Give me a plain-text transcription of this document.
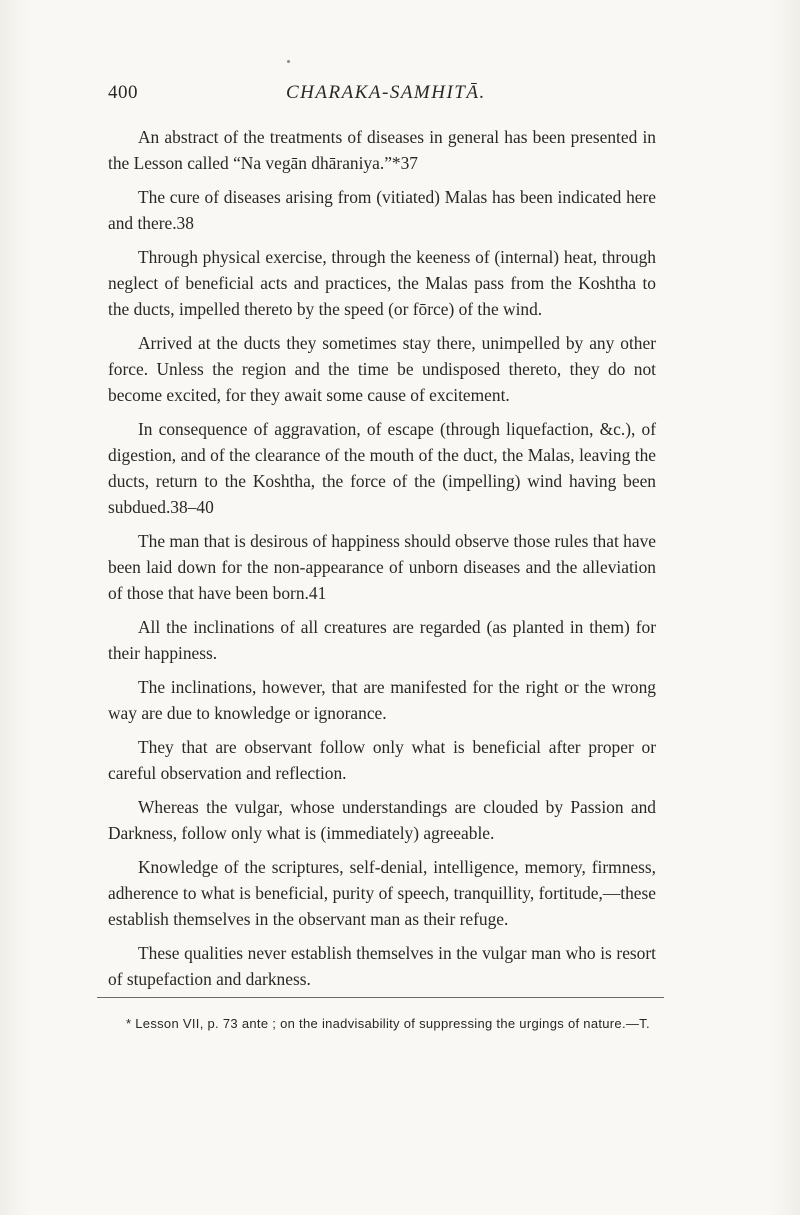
400	CHARAKA-SAMHITĀ.

An abstract of the treatments of diseases in general has been presented in the Lesson called “Na vegān dhāraniya.”*37

The cure of diseases arising from (vitiated) Malas has been indicated here and there.38

Through physical exercise, through the keeness of (internal) heat, through neglect of beneficial acts and practices, the Malas pass from the Koshtha to the ducts, impelled thereto by the speed (or fōrce) of the wind.

Arrived at the ducts they sometimes stay there, unimpelled by any other force. Unless the region and the time be undisposed thereto, they do not become excited, for they await some cause of excitement.

In consequence of aggravation, of escape (through liquefaction, &c.), of digestion, and of the clearance of the mouth of the duct, the Malas, leaving the ducts, return to the Koshtha, the force of the (impelling) wind having been subdued.38–40

The man that is desirous of happiness should observe those rules that have been laid down for the non-appearance of unborn diseases and the alleviation of those that have been born.41

All the inclinations of all creatures are regarded (as planted in them) for their happiness.

The inclinations, however, that are manifested for the right or the wrong way are due to knowledge or ignorance.

They that are observant follow only what is beneficial after proper or careful observation and reflection.

Whereas the vulgar, whose understandings are clouded by Passion and Darkness, follow only what is (immediately) agreeable.

Knowledge of the scriptures, self-denial, intelligence, memory, firmness, adherence to what is beneficial, purity of speech, tranquillity, fortitude,—these establish themselves in the observant man as their refuge.

These qualities never establish themselves in the vulgar man who is resort of stupefaction and darkness.

* Lesson VII, p. 73 ante ; on the inadvisability of suppressing the urgings of nature.—T.
